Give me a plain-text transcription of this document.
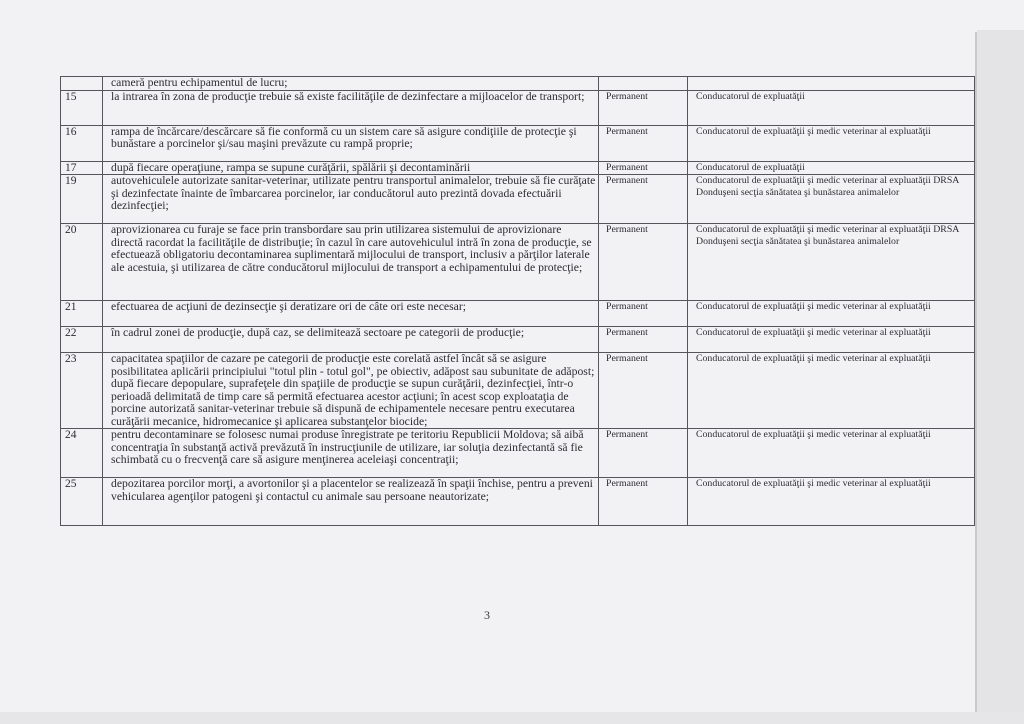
	cameră pentru echipamentul de lucru;		
15	la intrarea în zona de producţie trebuie să existe facilităţile de dezinfectare a mijloacelor de transport;	Permanent	Conducatorul de expluatăţii
16	rampa de încărcare/descărcare să fie conformă cu un sistem care să asigure condiţiile de protecţie şi bunăstare a porcinelor şi/sau maşini prevăzute cu rampă proprie;	Permanent	Conducatorul de expluatăţii şi medic veterinar al expluatăţii
17	după fiecare operaţiune, rampa se supune curăţării, spălării şi decontaminării	Permanent	Conducatorul de expluatăţii
19	autovehiculele autorizate sanitar-veterinar, utilizate pentru transportul animalelor, trebuie să fie curăţate şi dezinfectate înainte de îmbarcarea porcinelor, iar conducătorul auto prezintă dovada efectuării dezinfecţiei;	Permanent	Conducatorul de expluatăţii şi medic veterinar al expluatăţii DRSA Donduşeni secţia sănătatea şi bunăstarea animalelor
20	aprovizionarea cu furaje se face prin transbordare sau prin utilizarea sistemului de aprovizionare directă racordat la facilităţile de distribuţie; în cazul în care autovehiculul intră în zona de producţie, se efectuează obligatoriu decontaminarea suplimentară mijlocului de transport, inclusiv a părţilor laterale ale acestuia, şi utilizarea de către conducătorul mijlocului de transport a echipamentului de protecţie;	Permanent	Conducatorul de expluatăţii şi medic veterinar al expluatăţii DRSA Donduşeni secţia sănătatea şi bunăstarea animalelor
21	efectuarea de acţiuni de dezinsecţie şi deratizare ori de câte ori este necesar;	Permanent	Conducatorul de expluatăţii şi medic veterinar al expluatăţii
22	în cadrul zonei de producţie, după caz, se delimitează sectoare pe categorii de producţie;	Permanent	Conducatorul de expluatăţii şi medic veterinar al expluatăţii
23	capacitatea spaţiilor de cazare pe categorii de producţie este corelată astfel încât să se asigure posibilitatea aplicării principiului "totul plin - totul gol", pe obiectiv, adăpost sau subunitate de adăpost; după fiecare depopulare, suprafeţele din spaţiile de producţie se supun curăţării, dezinfecţiei, într-o perioadă delimitată de timp care să permită efectuarea acestor acţiuni; în acest scop exploataţia de porcine autorizată sanitar-veterinar trebuie să dispună de echipamentele necesare pentru executarea curăţării mecanice, hidromecanice şi aplicarea substanţelor biocide;	Permanent	Conducatorul de expluatăţii şi medic veterinar al expluatăţii
24	pentru decontaminare se folosesc numai produse înregistrate pe teritoriu Republicii Moldova; să aibă concentraţia în substanţă activă prevăzută în instrucţiunile de utilizare, iar soluţia dezinfectantă să fie schimbată cu o frecvenţă care să asigure menţinerea aceleiaşi concentraţii;	Permanent	Conducatorul de expluatăţii şi medic veterinar al expluatăţii
25	depozitarea porcilor morţi, a avortonilor şi a placentelor se realizează în spaţii închise, pentru a preveni vehicularea agenţilor patogeni şi contactul cu animale sau persoane neautorizate;	Permanent	Conducatorul de expluatăţii şi medic veterinar al expluatăţii
3
